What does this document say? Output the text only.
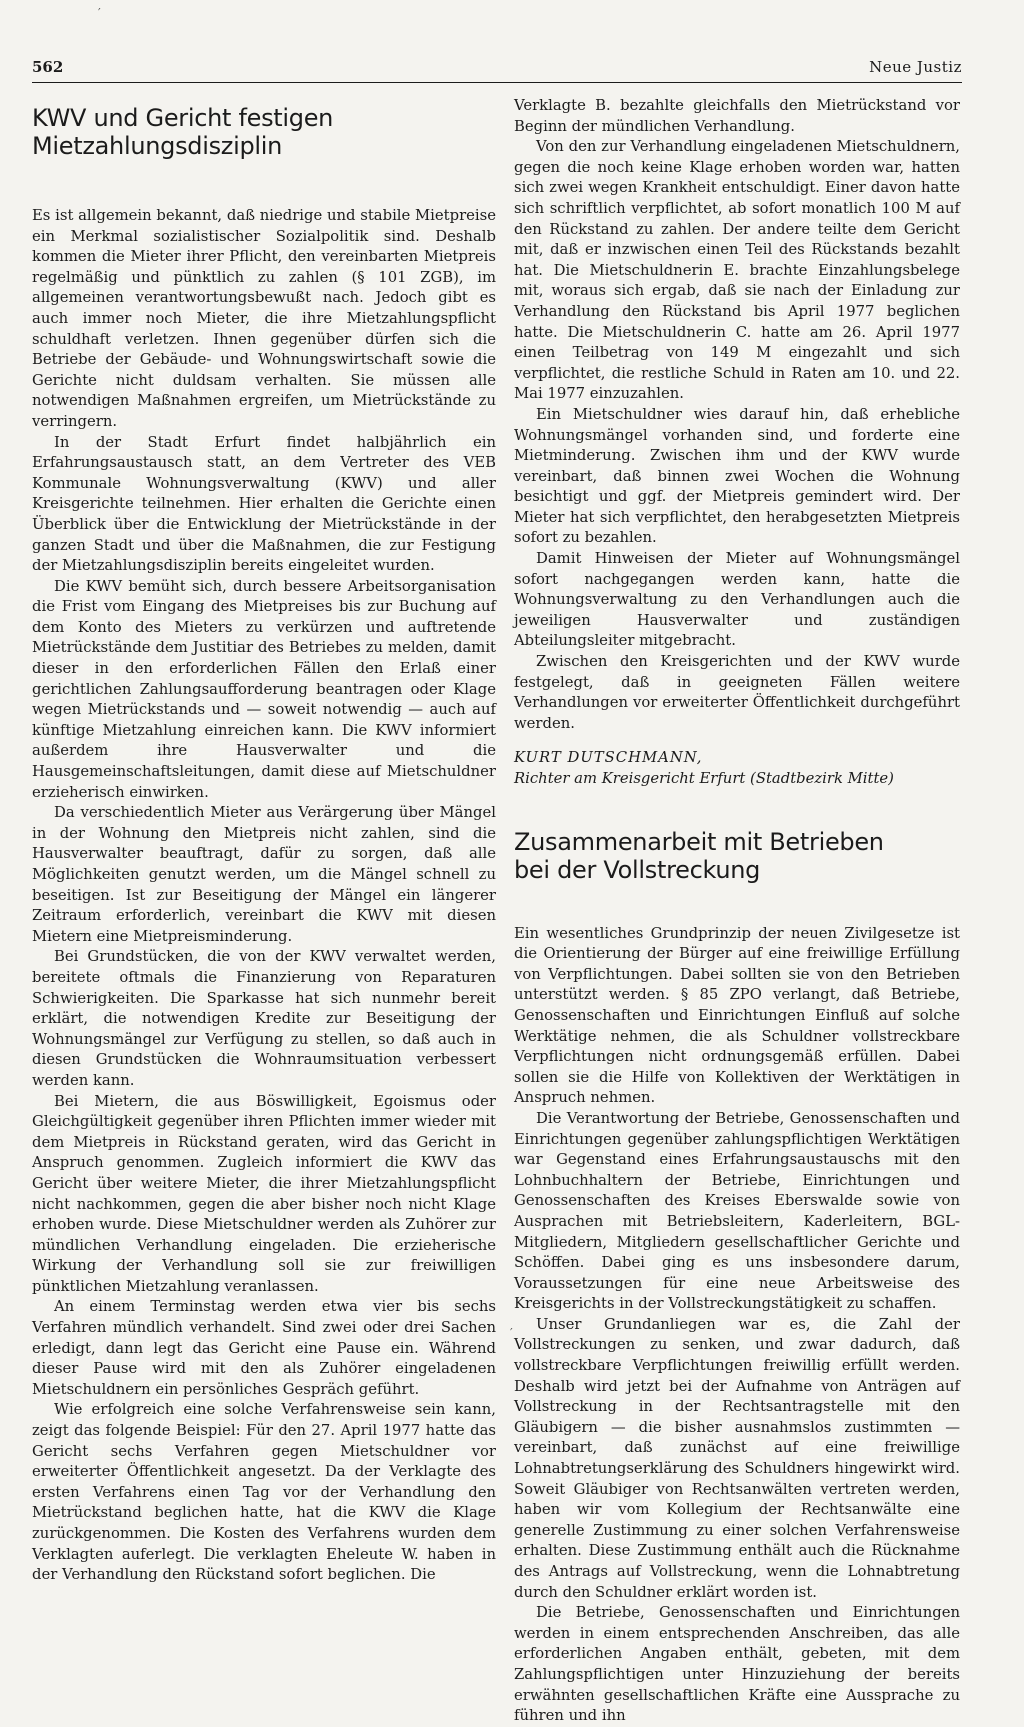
′
′
562	Neue Justiz
KWV und Gericht festigen
Mietzahlungsdisziplin

Es ist allgemein bekannt, daß niedrige und stabile Mietpreise ein Merkmal sozialistischer Sozialpolitik sind. Deshalb kommen die Mieter ihrer Pflicht, den vereinbarten Mietpreis regelmäßig und pünktlich zu zahlen (§ 101 ZGB), im allgemeinen verantwortungsbewußt nach. Jedoch gibt es auch immer noch Mieter, die ihre Mietzahlungspflicht schuldhaft verletzen. Ihnen gegenüber dürfen sich die Betriebe der Gebäude- und Wohnungswirtschaft sowie die Gerichte nicht duldsam verhalten. Sie müssen alle notwendigen Maßnahmen ergreifen, um Mietrückstände zu verringern.

In der Stadt Erfurt findet halbjährlich ein Erfahrungsaustausch statt, an dem Vertreter des VEB Kommunale Wohnungsverwaltung (KWV) und aller Kreisgerichte teilnehmen. Hier erhalten die Gerichte einen Überblick über die Entwicklung der Mietrückstände in der ganzen Stadt und über die Maßnahmen, die zur Festigung der Mietzahlungsdisziplin bereits eingeleitet wurden.

Die KWV bemüht sich, durch bessere Arbeitsorganisation die Frist vom Eingang des Mietpreises bis zur Buchung auf dem Konto des Mieters zu verkürzen und auftretende Mietrückstände dem Justitiar des Betriebes zu melden, damit dieser in den erforderlichen Fällen den Erlaß einer gerichtlichen Zahlungsaufforderung beantragen oder Klage wegen Mietrückstands und — soweit notwendig — auch auf künftige Mietzahlung einreichen kann. Die KWV informiert außerdem ihre Hausverwalter und die Hausgemeinschaftsleitungen, damit diese auf Mietschuldner erzieherisch einwirken.

Da verschiedentlich Mieter aus Verärgerung über Mängel in der Wohnung den Mietpreis nicht zahlen, sind die Hausverwalter beauftragt, dafür zu sorgen, daß alle Möglichkeiten genutzt werden, um die Mängel schnell zu beseitigen. Ist zur Beseitigung der Mängel ein längerer Zeitraum erforderlich, vereinbart die KWV mit diesen Mietern eine Mietpreisminderung.

Bei Grundstücken, die von der KWV verwaltet werden, bereitete oftmals die Finanzierung von Reparaturen Schwierigkeiten. Die Sparkasse hat sich nunmehr bereit erklärt, die notwendigen Kredite zur Beseitigung der Wohnungsmängel zur Verfügung zu stellen, so daß auch in diesen Grundstücken die Wohnraumsituation verbessert werden kann.

Bei Mietern, die aus Böswilligkeit, Egoismus oder Gleichgültigkeit gegenüber ihren Pflichten immer wieder mit dem Mietpreis in Rückstand geraten, wird das Gericht in Anspruch genommen. Zugleich informiert die KWV das Gericht über weitere Mieter, die ihrer Mietzahlungspflicht nicht nachkommen, gegen die aber bisher noch nicht Klage erhoben wurde. Diese Mietschuldner werden als Zuhörer zur mündlichen Verhandlung eingeladen. Die erzieherische Wirkung der Verhandlung soll sie zur freiwilligen pünktlichen Mietzahlung veranlassen.

An einem Terminstag werden etwa vier bis sechs Verfahren mündlich verhandelt. Sind zwei oder drei Sachen erledigt, dann legt das Gericht eine Pause ein. Während dieser Pause wird mit den als Zuhörer eingeladenen Mietschuldnern ein persönliches Gespräch geführt.

Wie erfolgreich eine solche Verfahrensweise sein kann, zeigt das folgende Beispiel: Für den 27. April 1977 hatte das Gericht sechs Verfahren gegen Mietschuldner vor erweiterter Öffentlichkeit angesetzt. Da der Verklagte des ersten Verfahrens einen Tag vor der Verhandlung den Mietrückstand beglichen hatte, hat die KWV die Klage zurückgenommen. Die Kosten des Verfahrens wurden dem Verklagten auferlegt. Die verklagten Eheleute W. haben in der Verhandlung den Rückstand sofort beglichen. Die

Verklagte B. bezahlte gleichfalls den Mietrückstand vor Beginn der mündlichen Verhandlung.

Von den zur Verhandlung eingeladenen Mietschuldnern, gegen die noch keine Klage erhoben worden war, hatten sich zwei wegen Krankheit entschuldigt. Einer davon hatte sich schriftlich verpflichtet, ab sofort monatlich 100 M auf den Rückstand zu zahlen. Der andere teilte dem Gericht mit, daß er inzwischen einen Teil des Rückstands bezahlt hat. Die Mietschuldnerin E. brachte Einzahlungsbelege mit, woraus sich ergab, daß sie nach der Einladung zur Verhandlung den Rückstand bis April 1977 beglichen hatte. Die Mietschuldnerin C. hatte am 26. April 1977 einen Teilbetrag von 149 M eingezahlt und sich verpflichtet, die restliche Schuld in Raten am 10. und 22. Mai 1977 einzuzahlen.

Ein Mietschuldner wies darauf hin, daß erhebliche Wohnungsmängel vorhanden sind, und forderte eine Mietminderung. Zwischen ihm und der KWV wurde vereinbart, daß binnen zwei Wochen die Wohnung besichtigt und ggf. der Mietpreis gemindert wird. Der Mieter hat sich verpflichtet, den herabgesetzten Mietpreis sofort zu bezahlen.

Damit Hinweisen der Mieter auf Wohnungsmängel sofort nachgegangen werden kann, hatte die Wohnungsverwaltung zu den Verhandlungen auch die jeweiligen Hausverwalter und zuständigen Abteilungsleiter mitgebracht.

Zwischen den Kreisgerichten und der KWV wurde festgelegt, daß in geeigneten Fällen weitere Verhandlungen vor erweiterter Öffentlichkeit durchgeführt werden.

KURT DUTSCHMANN,
Richter am Kreisgericht Erfurt (Stadtbezirk Mitte)
Zusammenarbeit mit Betrieben
bei der Vollstreckung

Ein wesentliches Grundprinzip der neuen Zivilgesetze ist die Orientierung der Bürger auf eine freiwillige Erfüllung von Verpflichtungen. Dabei sollten sie von den Betrieben unterstützt werden. § 85 ZPO verlangt, daß Betriebe, Genossenschaften und Einrichtungen Einfluß auf solche Werktätige nehmen, die als Schuldner vollstreckbare Verpflichtungen nicht ordnungsgemäß erfüllen. Dabei sollen sie die Hilfe von Kollektiven der Werktätigen in Anspruch nehmen.

Die Verantwortung der Betriebe, Genossenschaften und Einrichtungen gegenüber zahlungspflichtigen Werktätigen war Gegenstand eines Erfahrungsaustauschs mit den Lohnbuchhaltern der Betriebe, Einrichtungen und Genossenschaften des Kreises Eberswalde sowie von Ausprachen mit Betriebsleitern, Kaderleitern, BGL-Mitgliedern, Mitgliedern gesellschaftlicher Gerichte und Schöffen. Dabei ging es uns insbesondere darum, Voraussetzungen für eine neue Arbeitsweise des Kreisgerichts in der Vollstreckungstätigkeit zu schaffen.

Unser Grundanliegen war es, die Zahl der Vollstreckungen zu senken, und zwar dadurch, daß vollstreckbare Verpflichtungen freiwillig erfüllt werden. Deshalb wird jetzt bei der Aufnahme von Anträgen auf Vollstreckung in der Rechtsantragstelle mit den Gläubigern — die bisher ausnahmslos zustimmten — vereinbart, daß zunächst auf eine freiwillige Lohnabtretungserklärung des Schuldners hingewirkt wird. Soweit Gläubiger von Rechtsanwälten vertreten werden, haben wir vom Kollegium der Rechtsanwälte eine generelle Zustimmung zu einer solchen Verfahrensweise erhalten. Diese Zustimmung enthält auch die Rücknahme des Antrags auf Vollstreckung, wenn die Lohnabtretung durch den Schuldner erklärt worden ist.

Die Betriebe, Genossenschaften und Einrichtungen werden in einem entsprechenden Anschreiben, das alle erforderlichen Angaben enthält, gebeten, mit dem Zahlungspflichtigen unter Hinzuziehung der bereits erwähnten gesellschaftlichen Kräfte eine Aussprache zu führen und ihn
